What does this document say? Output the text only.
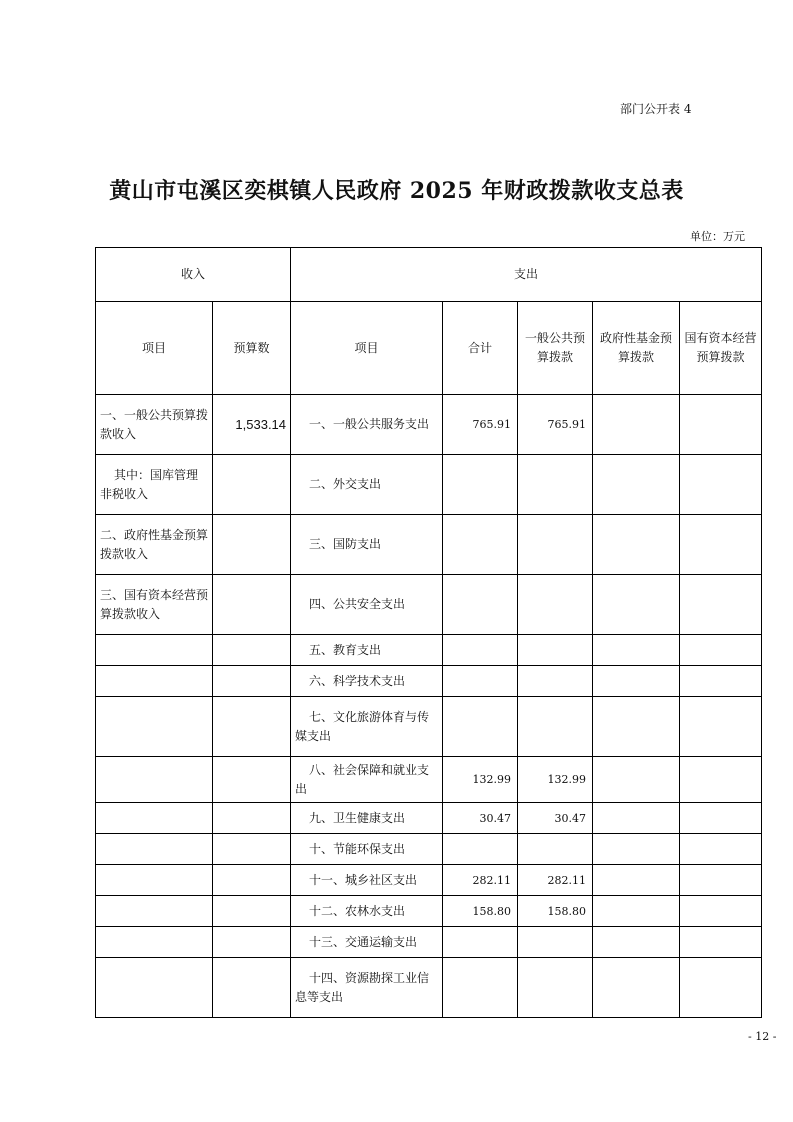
部门公开表 4
黄山市屯溪区奕棋镇人民政府 2025 年财政拨款收支总表
单位：万元
收入		支出				
项目	预算数	项目	合计	一般公共预算拨款	政府性基金预算拨款	国有资本经营预算拨款
一、一般公共预算拨款收入	1,533.14	一、一般公共服务支出	765.91	765.91		
其中：国库管理非税收入		二、外交支出				
二、政府性基金预算拨款收入		三、国防支出				
三、国有资本经营预算拨款收入		四、公共安全支出				
		五、教育支出				
		六、科学技术支出				
		七、文化旅游体育与传媒支出				
		八、社会保障和就业支出	132.99	132.99		
		九、卫生健康支出	30.47	30.47		
		十、节能环保支出				
		十一、城乡社区支出	282.11	282.11		
		十二、农林水支出	158.80	158.80		
		十三、交通运输支出				
		十四、资源勘探工业信息等支出				
- 12 -
